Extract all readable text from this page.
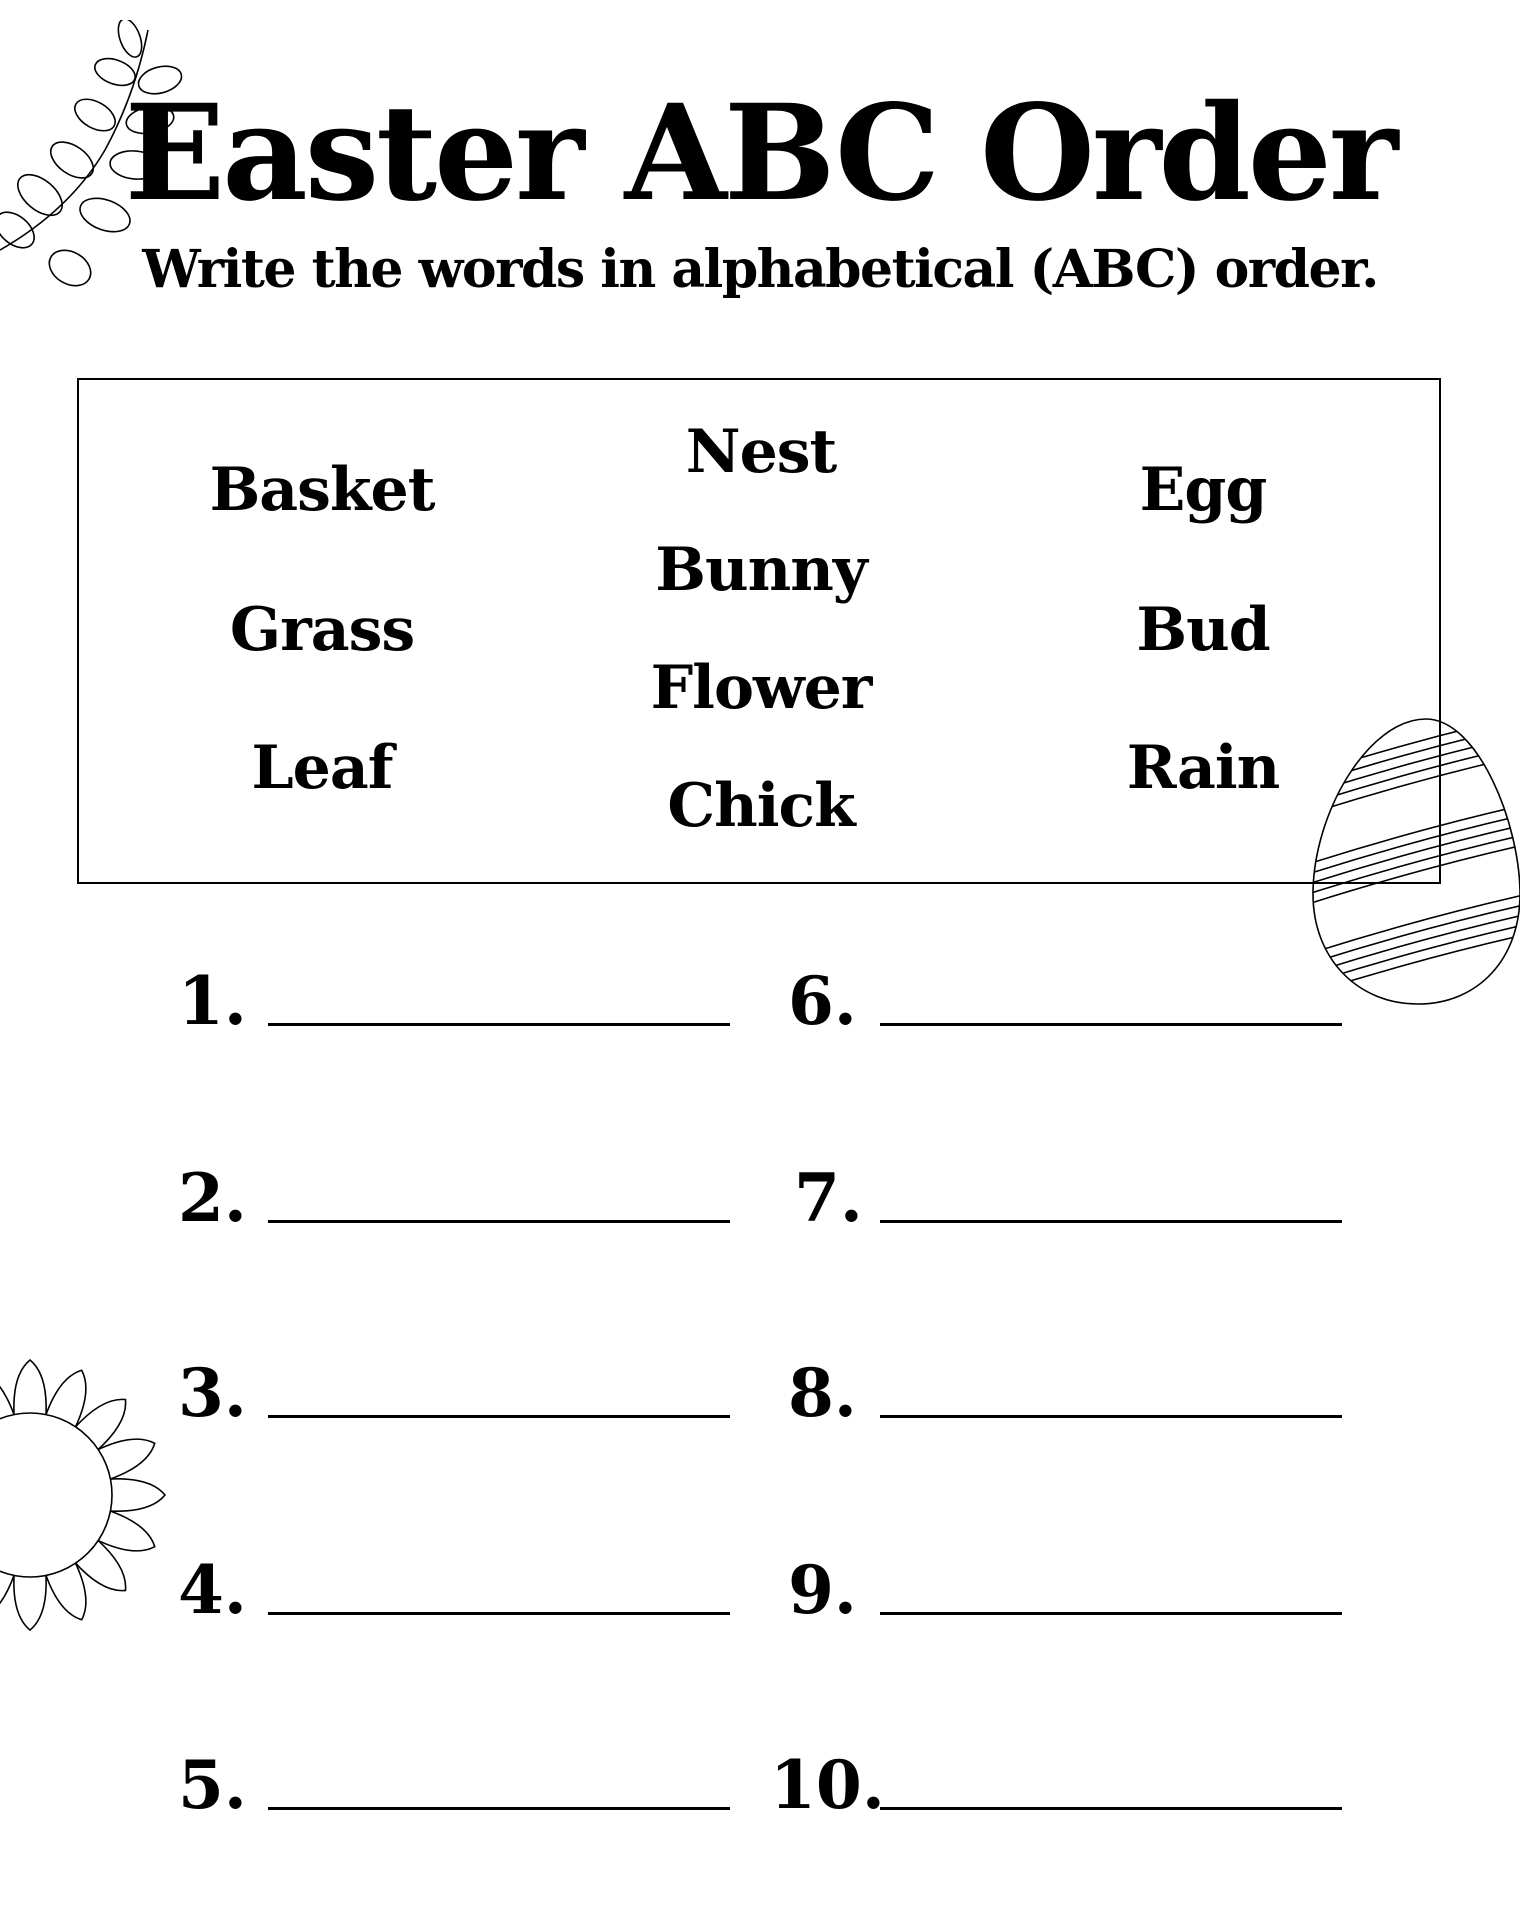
Easter ABC Order
Write the words in alphabetical (ABC) order.
Basket
Grass
Leaf
Nest
Bunny
Flower
Chick
Egg
Bud
Rain
1.
2.
3.
4.
5.
6.
7.
8.
9.
10.
